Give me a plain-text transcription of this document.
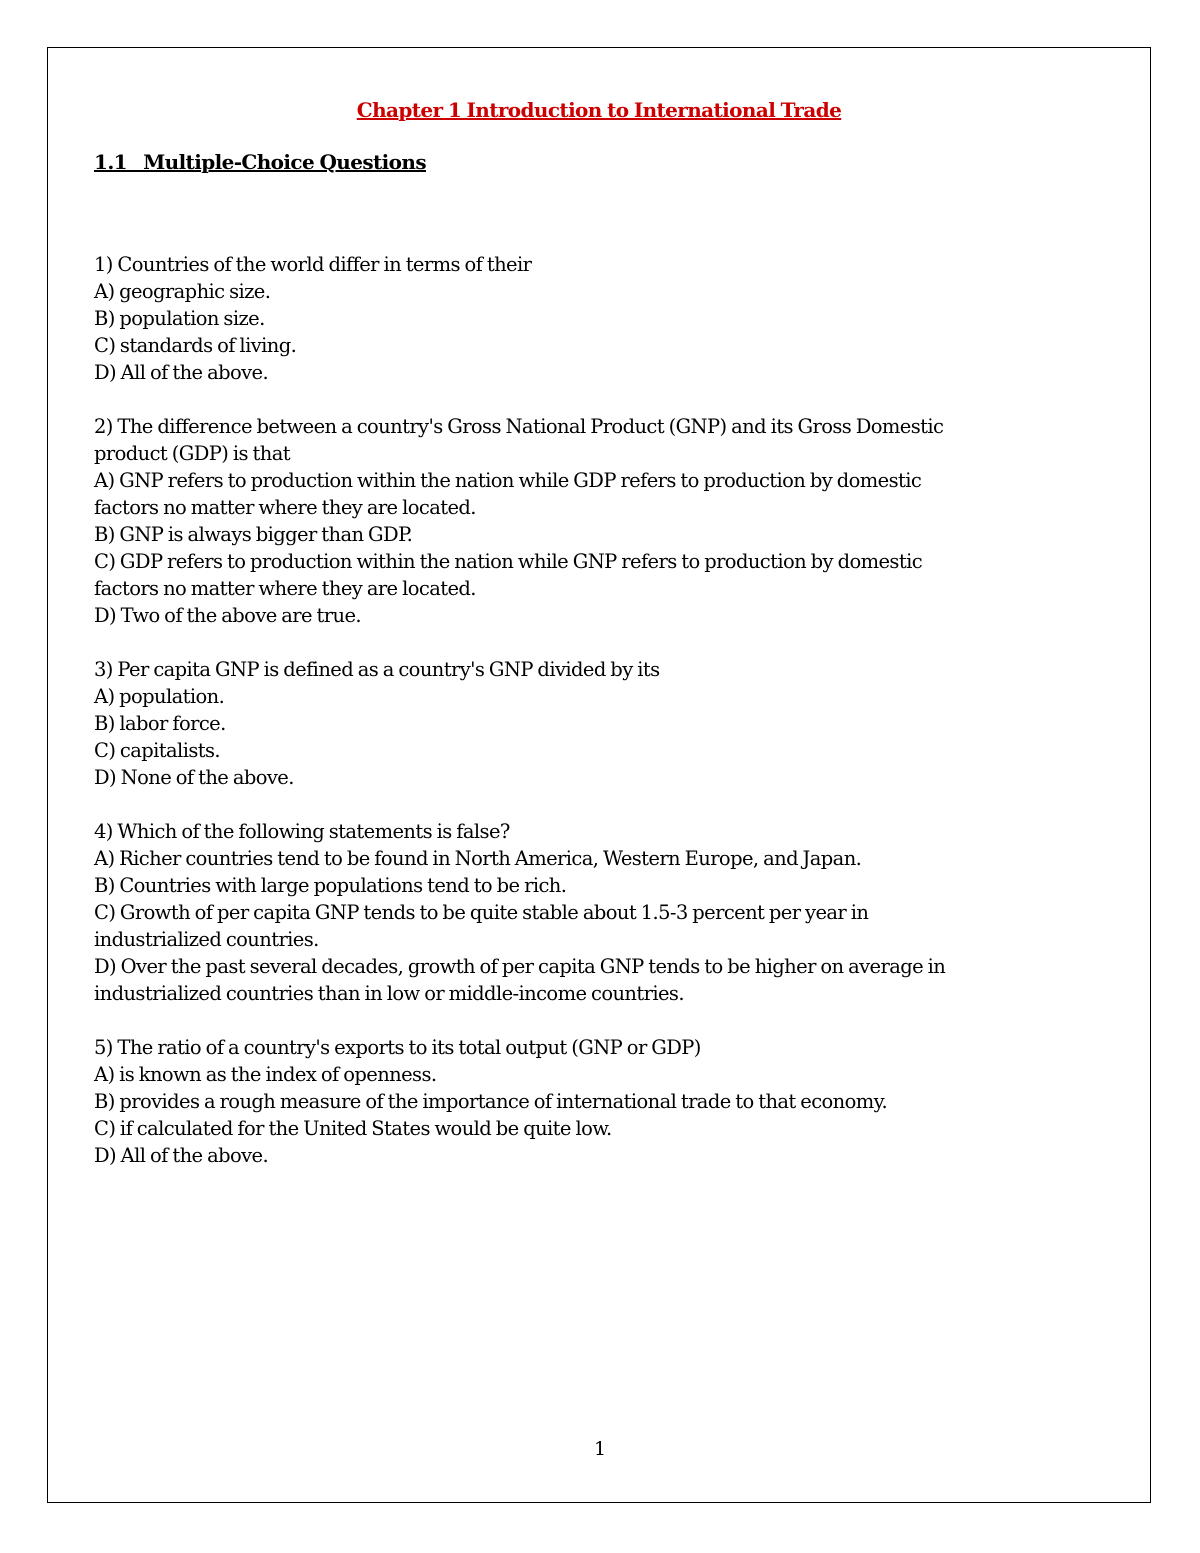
1
Chapter 1 Introduction to International Trade
1.1   Multiple-Choice Questions
1) Countries of the world differ in terms of their
A) geographic size.
B) population size.
C) standards of living.
D) All of the above.
2) The difference between a country's Gross National Product (GNP) and its Gross Domestic
product (GDP) is that
A) GNP refers to production within the nation while GDP refers to production by domestic
factors no matter where they are located.
B) GNP is always bigger than GDP.
C) GDP refers to production within the nation while GNP refers to production by domestic
factors no matter where they are located.
D) Two of the above are true.
3) Per capita GNP is defined as a country's GNP divided by its
A) population.
B) labor force.
C) capitalists.
D) None of the above.
4) Which of the following statements is false?
A) Richer countries tend to be found in North America, Western Europe, and Japan.
B) Countries with large populations tend to be rich.
C) Growth of per capita GNP tends to be quite stable about 1.5-3 percent per year in
industrialized countries.
D) Over the past several decades, growth of per capita GNP tends to be higher on average in
industrialized countries than in low or middle-income countries.
5) The ratio of a country's exports to its total output (GNP or GDP)
A) is known as the index of openness.
B) provides a rough measure of the importance of international trade to that economy.
C) if calculated for the United States would be quite low.
D) All of the above.
